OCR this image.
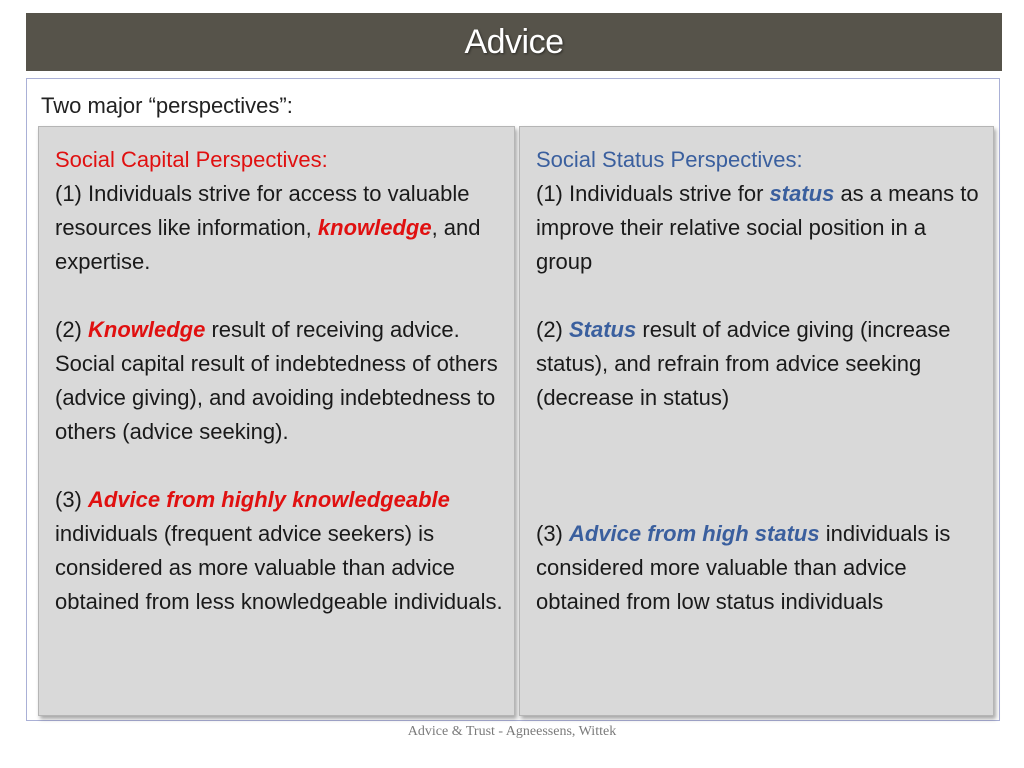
Advice
Two major “perspectives”:
Social Capital Perspectives:
(1) Individuals strive for access to valuable resources like information, knowledge, and expertise.
(2) Knowledge result of receiving advice. Social capital result of indebtedness of others (advice giving), and avoiding indebtedness to others (advice seeking).
(3) Advice from highly knowledgeable individuals (frequent advice seekers) is considered as more valuable than advice obtained from less knowledgeable individuals.
Social Status Perspectives:
(1) Individuals strive for status as a means to improve their relative social position in a group
(2) Status result of advice giving (increase status), and refrain from advice seeking (decrease in status)
(3) Advice from high status individuals is considered more valuable than advice obtained from low status individuals
Advice & Trust - Agneessens, Wittek
